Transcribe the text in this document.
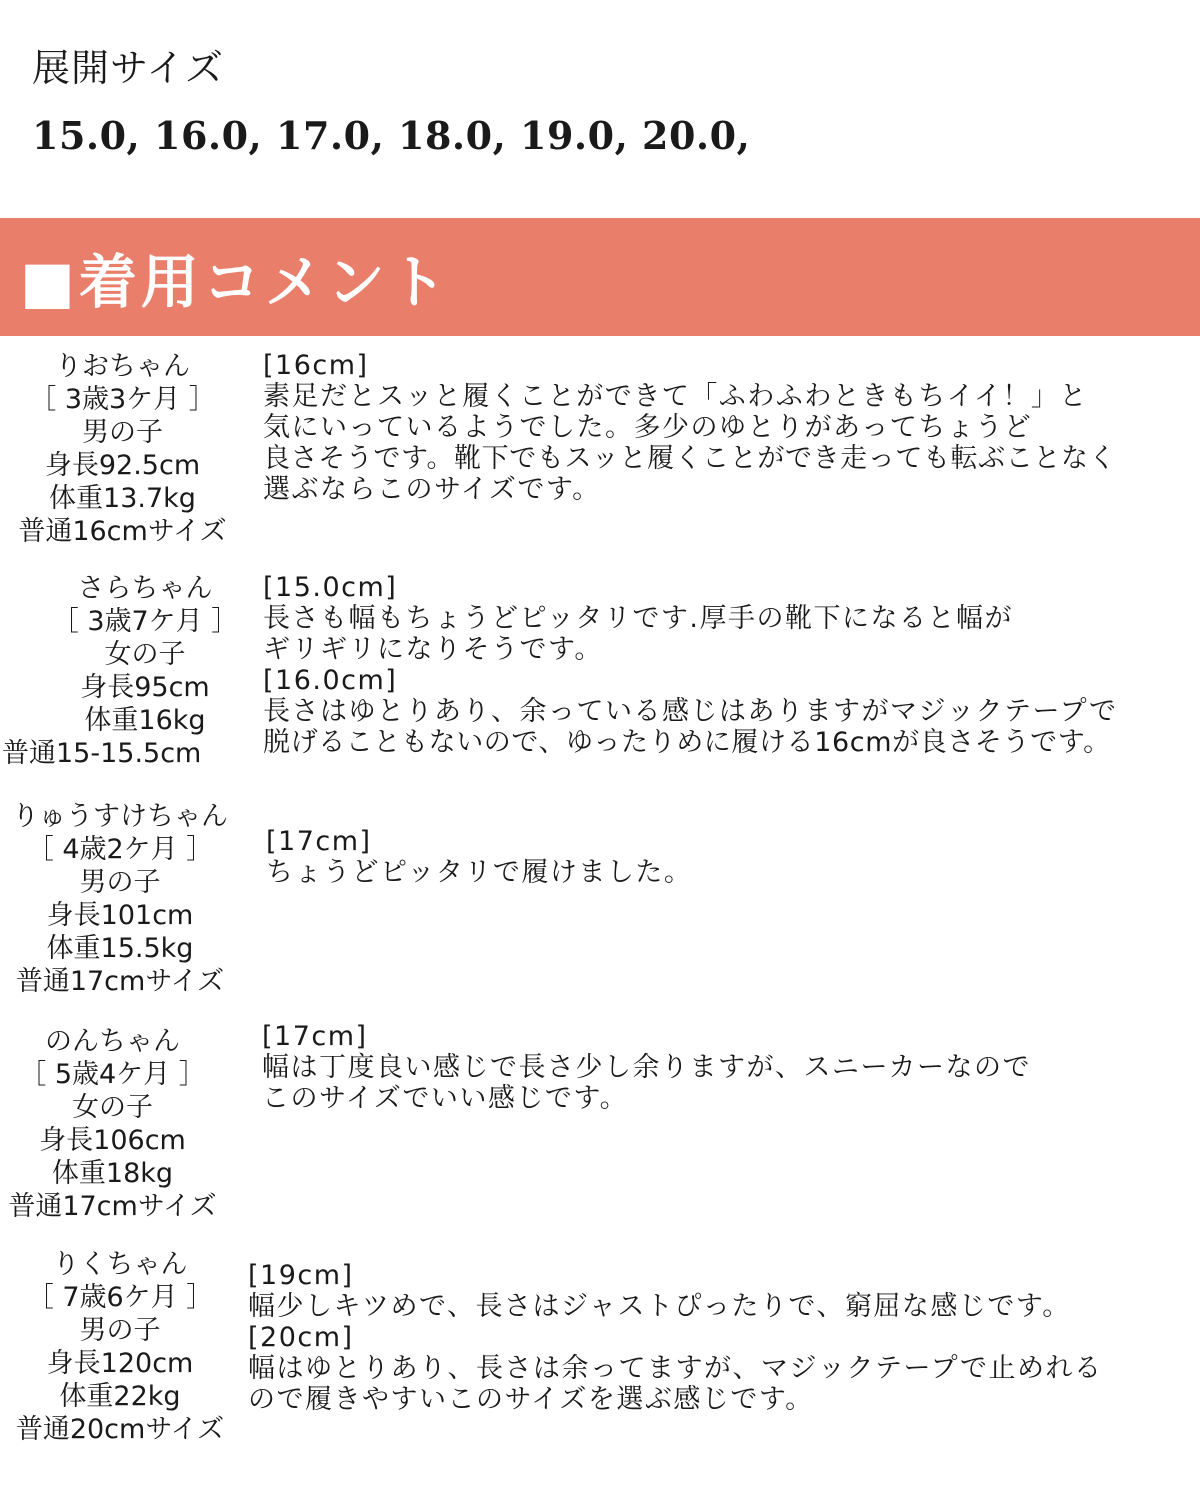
展開サイズ
15.0, 16.0, 17.0, 18.0, 19.0, 20.0,
■着用コメント
りおちゃん
［ 3歳3ケ月 ］
男の子
身長92.5cm
体重13.7kg
普通16cmサイズ
[16cm]
素足だとスッと履くことができて「ふわふわときもちイイ！」と
気にいっているようでした。多少のゆとりがあってちょうど
良さそうです。靴下でもスッと履くことができ走っても転ぶことなく
選ぶならこのサイズです。
さらちゃん
［ 3歳7ケ月 ］
女の子
身長95cm
体重16kg
普通15-15.5cm
[15.0cm]
長さも幅もちょうどピッタリです.厚手の靴下になると幅が
ギリギリになりそうです。
[16.0cm]
長さはゆとりあり、余っている感じはありますがマジックテープで
脱げることもないので、ゆったりめに履ける16cmが良さそうです。
りゅうすけちゃん
［ 4歳2ケ月 ］
男の子
身長101cm
体重15.5kg
普通17cmサイズ
[17cm]
ちょうどピッタリで履けました。
のんちゃん
［ 5歳4ケ月 ］
女の子
身長106cm
体重18kg
普通17cmサイズ
[17cm]
幅は丁度良い感じで長さ少し余りますが、スニーカーなので
このサイズでいい感じです。
りくちゃん
［ 7歳6ケ月 ］
男の子
身長120cm
体重22kg
普通20cmサイズ
[19cm]
幅少しキツめで、長さはジャストぴったりで、窮屈な感じです。
[20cm]
幅はゆとりあり、長さは余ってますが、マジックテープで止めれる
ので履きやすいこのサイズを選ぶ感じです。
